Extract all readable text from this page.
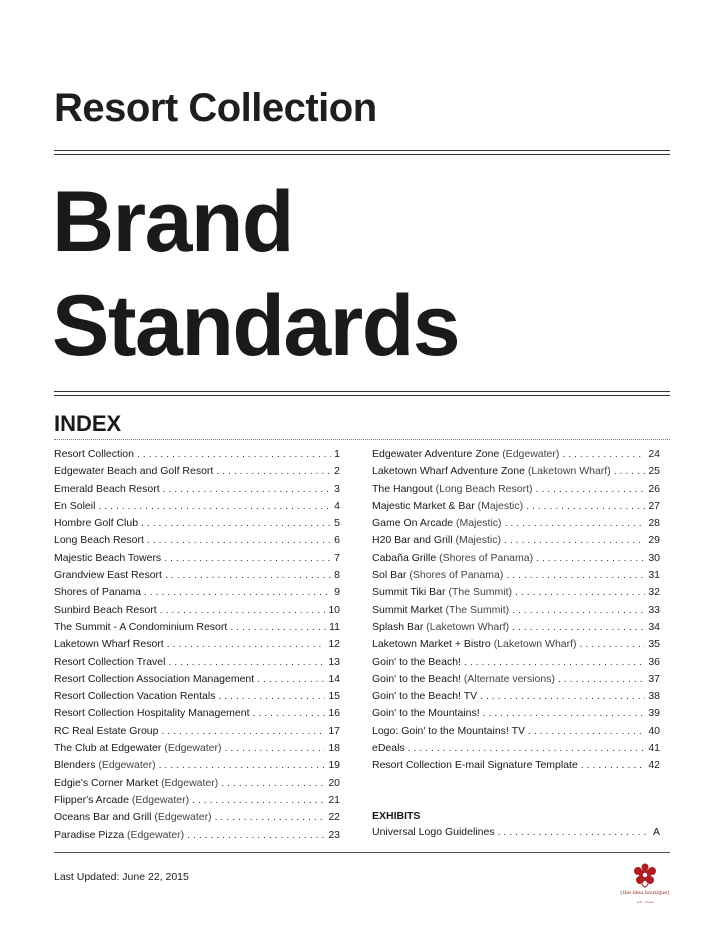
Resort Collection
Brand
Standards
INDEX
Resort Collection . . .	1
Edgewater Beach and Golf Resort . . .	2
Emerald Beach Resort . . .	3
En Soleil . . .	4
Hombre Golf Club . . .	5
Long Beach Resort . . .	6
Majestic Beach Towers . . .	7
Grandview East Resort . . .	8
Shores of Panama . . .	9
Sunbird Beach Resort . . .	10
The Summit - A Condominium Resort . . .	11
Laketown Wharf Resort . . .	12
Resort Collection Travel . . .	13
Resort Collection Association Management . . .	14
Resort Collection Vacation Rentals . . .	15
Resort Collection Hospitality Management . . .	16
RC Real Estate Group . . .	17
The Club at Edgewater (Edgewater) . . .	18
Blenders (Edgewater) . . .	19
Edgie's Corner Market (Edgewater) . . .	20
Flipper's Arcade (Edgewater) . . .	21
Oceans Bar and Grill (Edgewater) . . .	22
Paradise Pizza (Edgewater) . . .	23
Edgewater Adventure Zone (Edgewater) . . .	24
Laketown Wharf Adventure Zone (Laketown Wharf) . . .	25
The Hangout (Long Beach Resort) . . .	26
Majestic Market & Bar (Majestic) . . .	27
Game On Arcade (Majestic) . . .	28
H20 Bar and Grill (Majestic) . . .	29
Cabaña Grille (Shores of Panama) . . .	30
Sol Bar (Shores of Panama) . . .	31
Summit Tiki Bar (The Summit) . . .	32
Summit Market (The Summit) . . .	33
Splash Bar (Laketown Wharf) . . .	34
Laketown Market + Bistro (Laketown Wharf) . . .	35
Goin' to the Beach! . . .	36
Goin' to the Beach! (Alternate versions) . . .	37
Goin' to the Beach! TV . . .	38
Goin' to the Mountains! . . .	39
Logo: Goin' to the Mountains! TV . . .	40
eDeals . . .	41
Resort Collection E-mail Signature Template . . .	42
EXHIBITS
Universal Logo Guidelines . . .	A
Last Updated: June 22, 2015
{the idea boutique}
pcb · ideas
